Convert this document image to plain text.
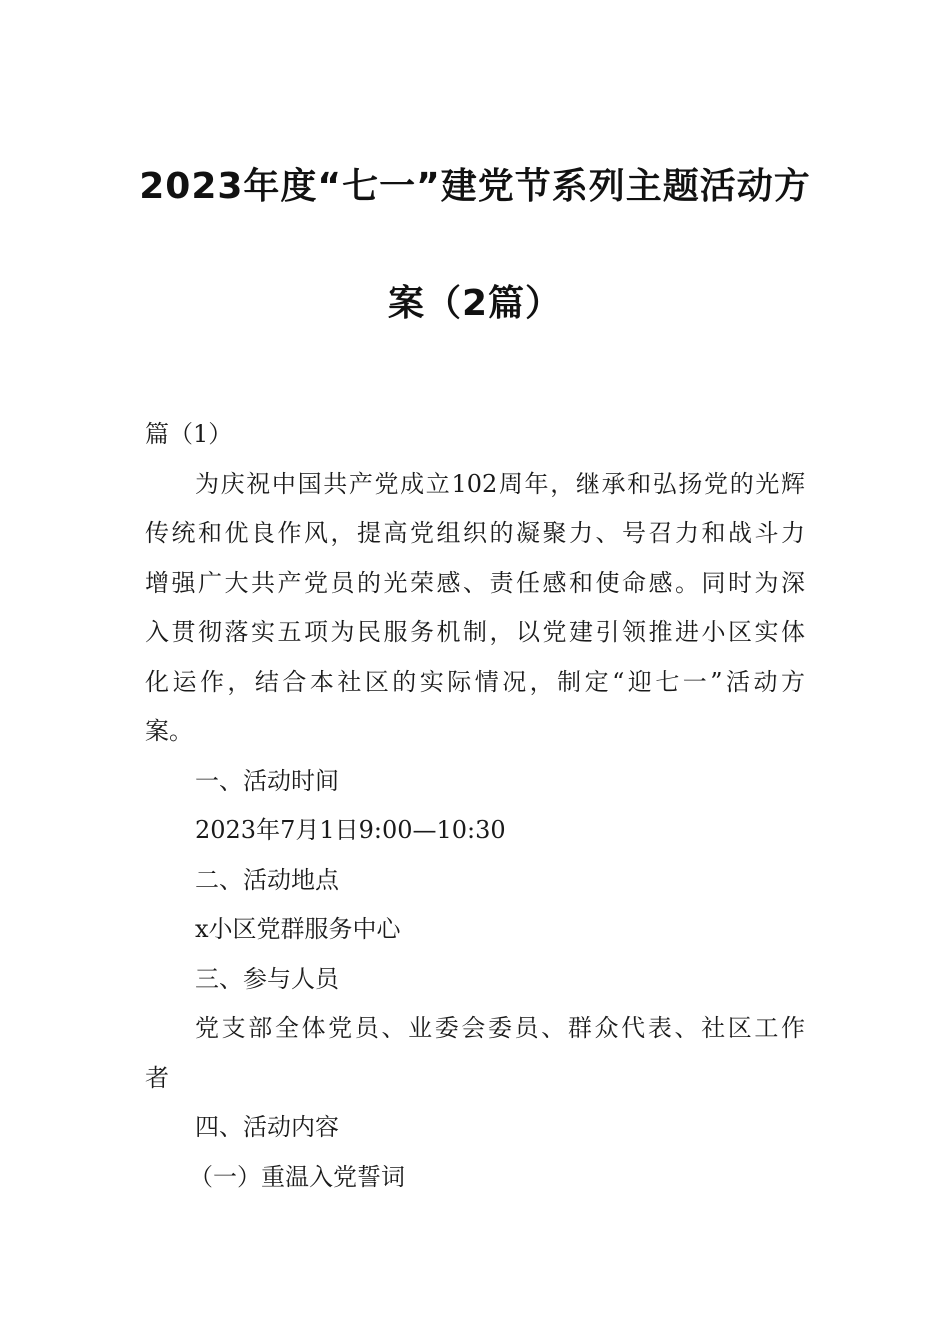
2023年度“七一”建党节系列主题活动方
案（2篇）
篇（1）
为庆祝中国共产党成立102周年，继承和弘扬党的光辉
传统和优良作风，提高党组织的凝聚力、号召力和战斗力
增强广大共产党员的光荣感、责任感和使命感。同时为深
入贯彻落实五项为民服务机制，以党建引领推进小区实体
化运作，结合本社区的实际情况，制定“迎七一”活动方
案。
一、活动时间
2023年7月1日9:00—10:30
二、活动地点
x小区党群服务中心
三、参与人员
党支部全体党员、业委会委员、群众代表、社区工作
者
四、活动内容
（一）重温入党誓词
